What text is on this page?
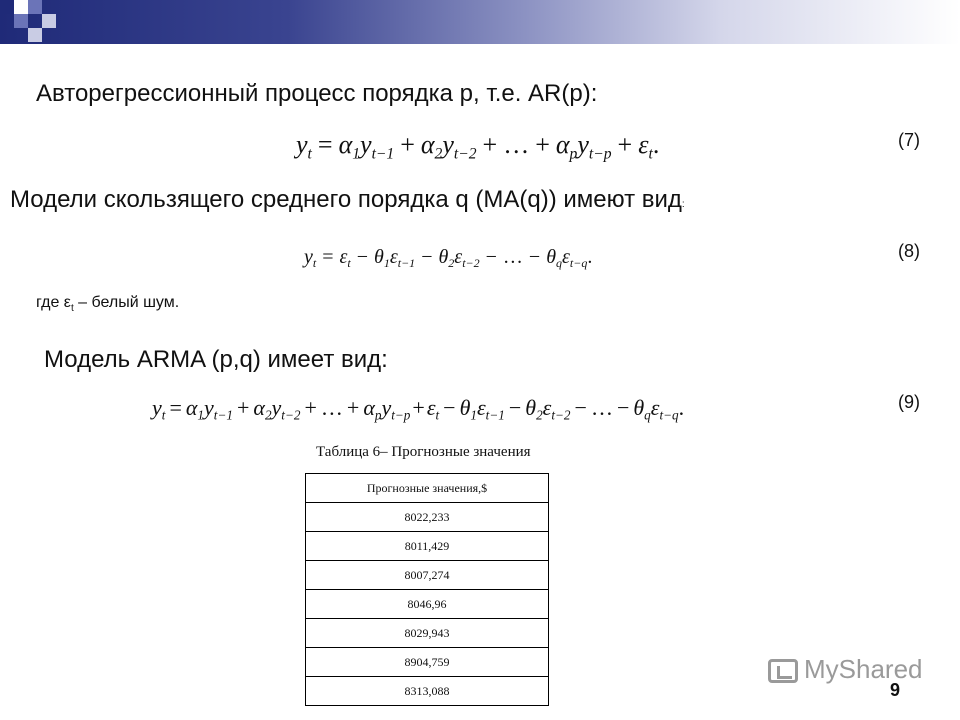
Авторегрессионный процесс порядка р, т.е. AR(р):
$y_t = \alpha_1y_{t-1} + \alpha_2y_{t-2}$ + … + $\alpha_py_{t-p} + \varepsilon_t$.	(7)
Модели скользящего среднего порядка q (MA(q)) имеют вид:
$y_t = \varepsilon_t - \theta_1\varepsilon_{t-1} - \theta_2\varepsilon_{t-2}$ − … − $\theta_q\varepsilon_{t-q}$.	(8)
где $\varepsilon_t$ – белый шум.
Модель ARMA (p,q) имеет вид:
$y_t = \alpha_1y_{t-1} + \alpha_2y_{t-2}$ + … + $\alpha_py_{t-p}+\varepsilon_t - \theta_1\varepsilon_{t-1} - \theta_2\varepsilon_{t-2}$ − … − $\theta_q\varepsilon_{t-q}$.	(9)
Таблица 6– Прогнозные значения
Прогнозные значения,$
8022,233
8011,429
8007,274
8046,96
8029,943
8904,759
8313,088
MyShared
9
